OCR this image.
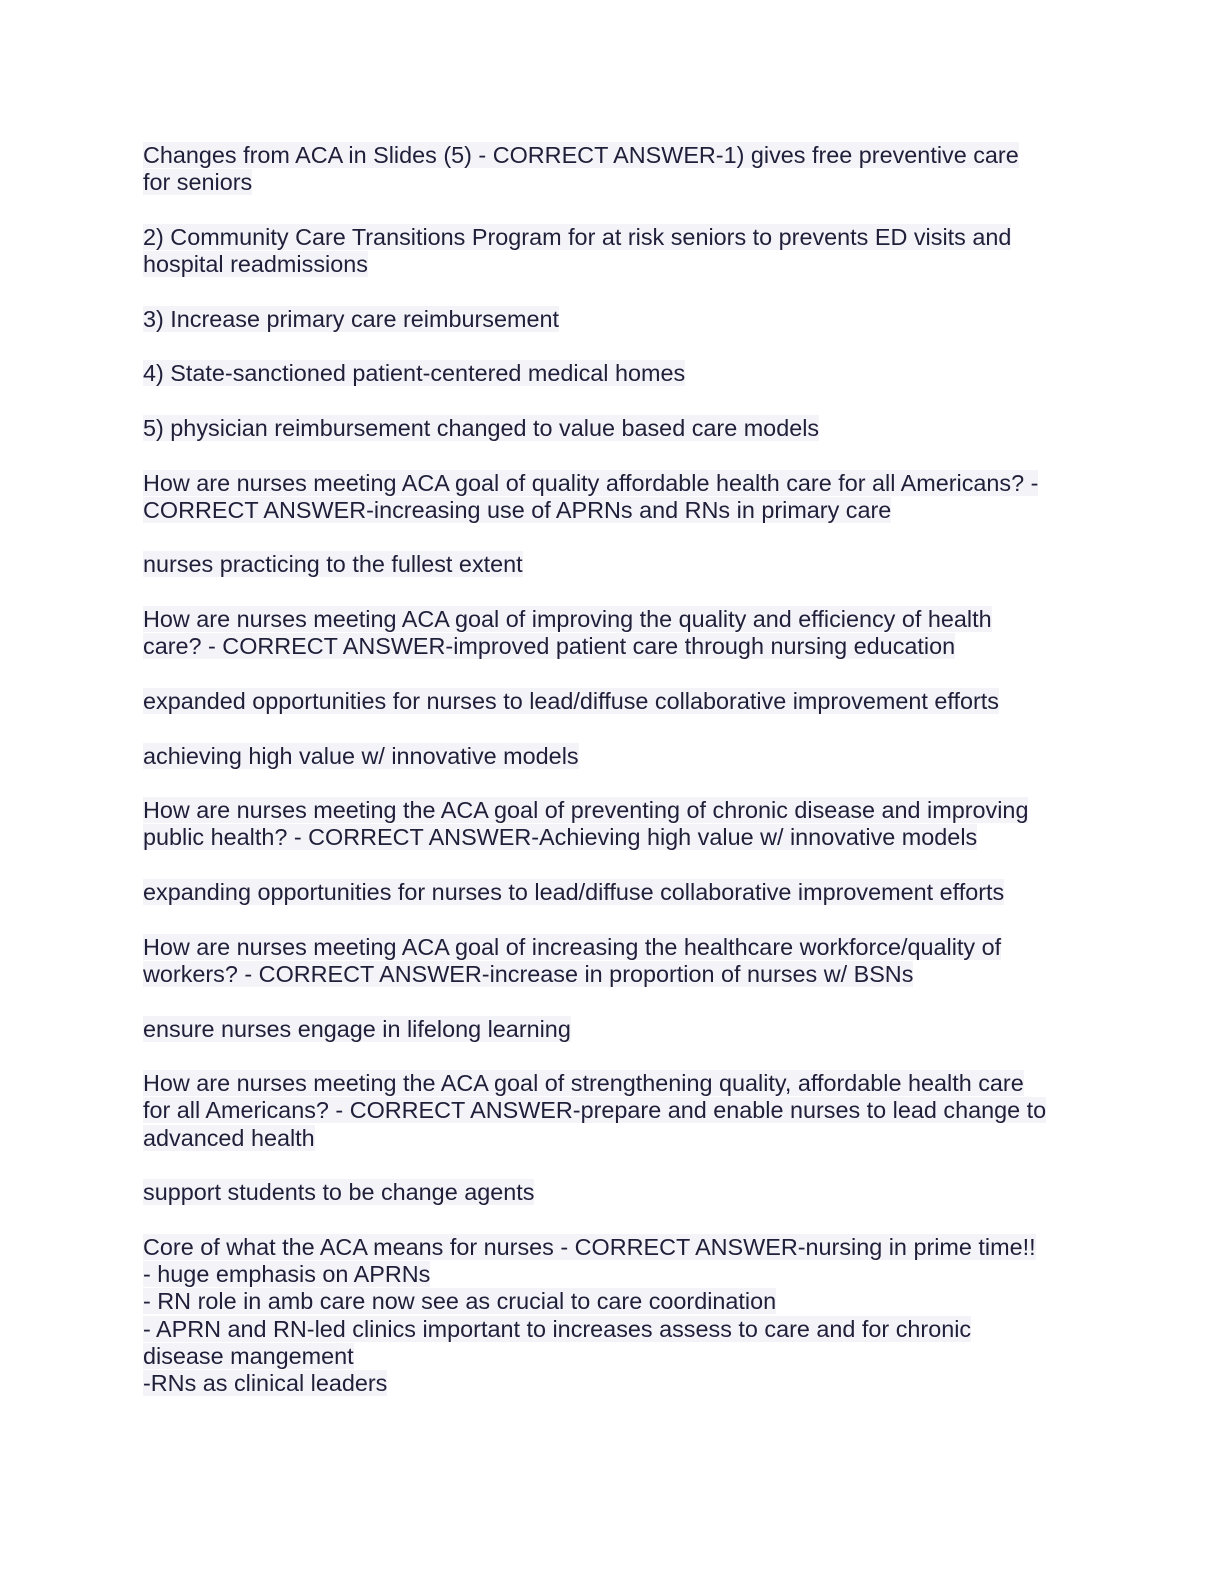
Changes from ACA in Slides (5) - CORRECT ANSWER-1) gives free preventive care
for seniors
2) Community Care Transitions Program for at risk seniors to prevents ED visits and
hospital readmissions
3) Increase primary care reimbursement
4) State-sanctioned patient-centered medical homes
5) physician reimbursement changed to value based care models
How are nurses meeting ACA goal of quality affordable health care for all Americans? -
CORRECT ANSWER-increasing use of APRNs and RNs in primary care
nurses practicing to the fullest extent
How are nurses meeting ACA goal of improving the quality and efficiency of health
care? - CORRECT ANSWER-improved patient care through nursing education
expanded opportunities for nurses to lead/diffuse collaborative improvement efforts
achieving high value w/ innovative models
How are nurses meeting the ACA goal of preventing of chronic disease and improving
public health? - CORRECT ANSWER-Achieving high value w/ innovative models
expanding opportunities for nurses to lead/diffuse collaborative improvement efforts
How are nurses meeting ACA goal of increasing the healthcare workforce/quality of
workers? - CORRECT ANSWER-increase in proportion of nurses w/ BSNs
ensure nurses engage in lifelong learning
How are nurses meeting the ACA goal of strengthening quality, affordable health care
for all Americans? - CORRECT ANSWER-prepare and enable nurses to lead change to
advanced health
support students to be change agents
Core of what the ACA means for nurses - CORRECT ANSWER-nursing in prime time!!
- huge emphasis on APRNs
- RN role in amb care now see as crucial to care coordination
- APRN and RN-led clinics important to increases assess to care and for chronic
disease mangement
-RNs as clinical leaders
